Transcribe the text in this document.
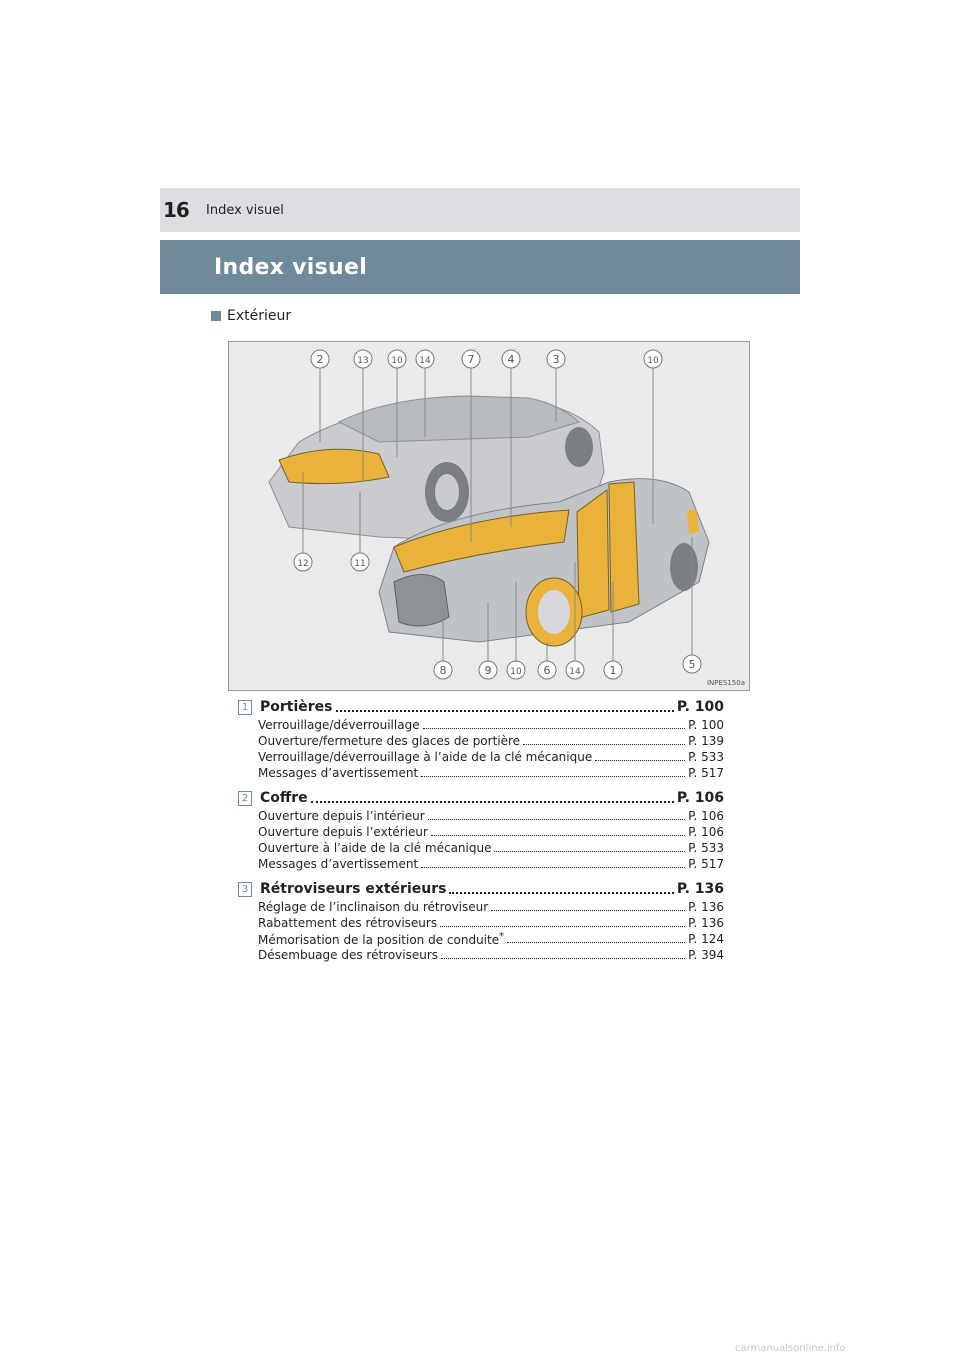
16	Index visuel
Index visuel
Extérieur
2	13	10 14	7	4	3	10
12	11
8	9 10 6 14	1	5
INPES150a
1 Portières	P. 100
Verrouillage/déverrouillage	P. 100
Ouverture/fermeture des glaces de portière	P. 139
Verrouillage/déverrouillage à l’aide de la clé mécanique	P. 533
Messages d’avertissement	P. 517
2 Coffre	P. 106
Ouverture depuis l’intérieur	P. 106
Ouverture depuis l’extérieur	P. 106
Ouverture à l’aide de la clé mécanique	P. 533
Messages d’avertissement	P. 517
3 Rétroviseurs extérieurs	P. 136
Réglage de l’inclinaison du rétroviseur	P. 136
Rabattement des rétroviseurs	P. 136
Mémorisation de la position de conduite*	P. 124
Désembuage des rétroviseurs	P. 394
carmanualsonline.info
